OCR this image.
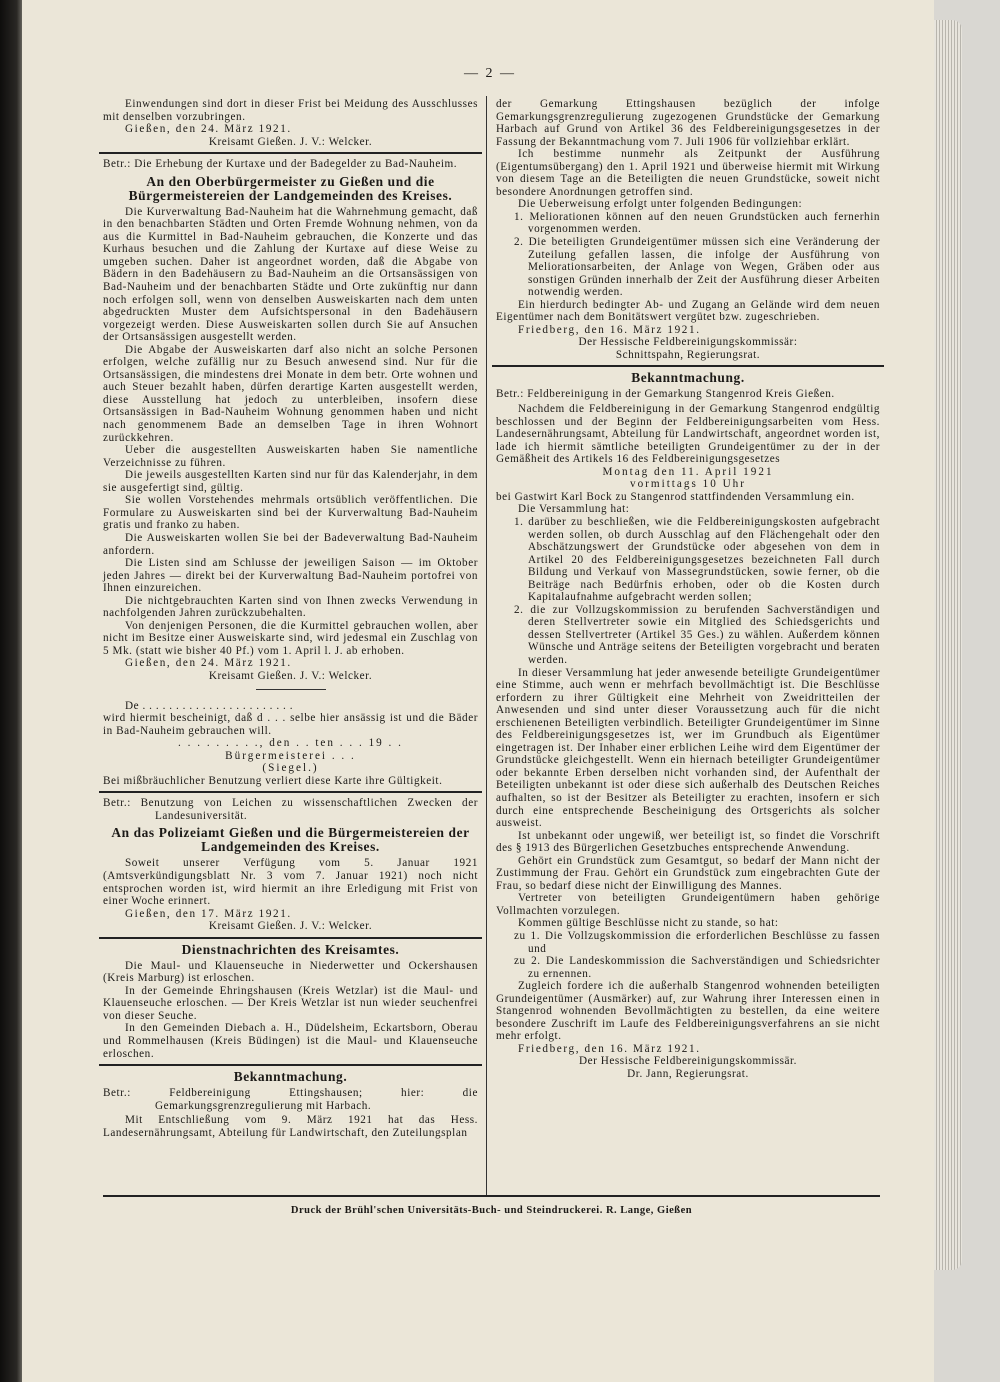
— 2 —
Einwendungen sind dort in dieser Frist bei Meidung des Ausschlusses mit denselben vorzubringen.
Gießen, den 24. März 1921.
Kreisamt Gießen. J. V.: Welcker.
Betr.: Die Erhebung der Kurtaxe und der Badegelder zu Bad-Nauheim.
An den Oberbürgermeister zu Gießen und die Bürgermeistereien der Landgemeinden des Kreises.
Die Kurverwaltung Bad-Nauheim hat die Wahrnehmung gemacht, daß in den benachbarten Städten und Orten Fremde Wohnung nehmen, von da aus die Kurmittel in Bad-Nauheim gebrauchen, die Konzerte und das Kurhaus besuchen und die Zahlung der Kurtaxe auf diese Weise zu umgeben suchen. Daher ist angeordnet worden, daß die Abgabe von Bädern in den Badehäusern zu Bad-Nauheim an die Ortsansässigen von Bad-Nauheim und der benachbarten Städte und Orte zukünftig nur dann noch erfolgen soll, wenn von denselben Ausweiskarten nach dem unten abgedruckten Muster dem Aufsichtspersonal in den Badehäusern vorgezeigt werden. Diese Ausweiskarten sollen durch Sie auf Ansuchen der Ortsansässigen ausgestellt werden.
Die Abgabe der Ausweiskarten darf also nicht an solche Personen erfolgen, welche zufällig nur zu Besuch anwesend sind. Nur für die Ortsansässigen, die mindestens drei Monate in dem betr. Orte wohnen und auch Steuer bezahlt haben, dürfen derartige Karten ausgestellt werden, diese Ausstellung hat jedoch zu unterbleiben, insofern diese Ortsansässigen in Bad-Nauheim Wohnung genommen haben und nicht nach genommenem Bade an demselben Tage in ihren Wohnort zurückkehren.
Ueber die ausgestellten Ausweiskarten haben Sie namentliche Verzeichnisse zu führen.
Die jeweils ausgestellten Karten sind nur für das Kalenderjahr, in dem sie ausgefertigt sind, gültig.
Sie wollen Vorstehendes mehrmals ortsüblich veröffentlichen. Die Formulare zu Ausweiskarten sind bei der Kurverwaltung Bad-Nauheim gratis und franko zu haben.
Die Ausweiskarten wollen Sie bei der Badeverwaltung Bad-Nauheim anfordern.
Die Listen sind am Schlusse der jeweiligen Saison — im Oktober jeden Jahres — direkt bei der Kurverwaltung Bad-Nauheim portofrei von Ihnen einzureichen.
Die nichtgebrauchten Karten sind von Ihnen zwecks Verwendung in nachfolgenden Jahren zurückzubehalten.
Von denjenigen Personen, die die Kurmittel gebrauchen wollen, aber nicht im Besitze einer Ausweiskarte sind, wird jedesmal ein Zuschlag von 5 Mk. (statt wie bisher 40 Pf.) vom 1. April l. J. ab erhoben.
Gießen, den 24. März 1921.
Kreisamt Gießen. J. V.: Welcker.
De . . . . . . . . . . . . . . . . . . . . . . .
wird hiermit bescheinigt, daß d . . . selbe hier ansässig ist und die Bäder in Bad-Nauheim gebrauchen will.
. . . . . . . . ., den . . ten . . . 19 . .
Bürgermeisterei . . .
(Siegel.)
Bei mißbräuchlicher Benutzung verliert diese Karte ihre Gültigkeit.
Betr.: Benutzung von Leichen zu wissenschaftlichen Zwecken der Landesuniversität.
An das Polizeiamt Gießen und die Bürgermeistereien der Landgemeinden des Kreises.
Soweit unserer Verfügung vom 5. Januar 1921 (Amtsverkündigungsblatt Nr. 3 vom 7. Januar 1921) noch nicht entsprochen worden ist, wird hiermit an ihre Erledigung mit Frist von einer Woche erinnert.
Gießen, den 17. März 1921.
Kreisamt Gießen. J. V.: Welcker.
Dienstnachrichten des Kreisamtes.
Die Maul- und Klauenseuche in Niederwetter und Ockershausen (Kreis Marburg) ist erloschen.
In der Gemeinde Ehringshausen (Kreis Wetzlar) ist die Maul- und Klauenseuche erloschen. — Der Kreis Wetzlar ist nun wieder seuchenfrei von dieser Seuche.
In den Gemeinden Diebach a. H., Düdelsheim, Eckartsborn, Oberau und Rommelhausen (Kreis Büdingen) ist die Maul- und Klauenseuche erloschen.
Bekanntmachung.
Betr.: Feldbereinigung Ettingshausen; hier: die Gemarkungsgrenzregulierung mit Harbach.
Mit Entschließung vom 9. März 1921 hat das Hess. Landesernährungsamt, Abteilung für Landwirtschaft, den Zuteilungsplan
der Gemarkung Ettingshausen bezüglich der infolge Gemarkungsgrenzregulierung zugezogenen Grundstücke der Gemarkung Harbach auf Grund von Artikel 36 des Feldbereinigungsgesetzes in der Fassung der Bekanntmachung vom 7. Juli 1906 für vollziehbar erklärt.
Ich bestimme nunmehr als Zeitpunkt der Ausführung (Eigentumsübergang) den 1. April 1921 und überweise hiermit mit Wirkung von diesem Tage an die Beteiligten die neuen Grundstücke, soweit nicht besondere Anordnungen getroffen sind.
Die Ueberweisung erfolgt unter folgenden Bedingungen:
1. Meliorationen können auf den neuen Grundstücken auch fernerhin vorgenommen werden.
2. Die beteiligten Grundeigentümer müssen sich eine Veränderung der Zuteilung gefallen lassen, die infolge der Ausführung von Meliorationsarbeiten, der Anlage von Wegen, Gräben oder aus sonstigen Gründen innerhalb der Zeit der Ausführung dieser Arbeiten notwendig werden.
Ein hierdurch bedingter Ab- und Zugang an Gelände wird dem neuen Eigentümer nach dem Bonitätswert vergütet bzw. zugeschrieben.
Friedberg, den 16. März 1921.
Der Hessische Feldbereinigungskommissär:
Schnittspahn, Regierungsrat.
Bekanntmachung.
Betr.: Feldbereinigung in der Gemarkung Stangenrod Kreis Gießen.
Nachdem die Feldbereinigung in der Gemarkung Stangenrod endgültig beschlossen und der Beginn der Feldbereinigungsarbeiten vom Hess. Landesernährungsamt, Abteilung für Landwirtschaft, angeordnet worden ist, lade ich hiermit sämtliche beteiligten Grundeigentümer zu der in der Gemäßheit des Artikels 16 des Feldbereinigungsgesetzes
Montag den 11. April 1921
vormittags 10 Uhr
bei Gastwirt Karl Bock zu Stangenrod stattfindenden Versammlung ein.
Die Versammlung hat:
1. darüber zu beschließen, wie die Feldbereinigungskosten aufgebracht werden sollen, ob durch Ausschlag auf den Flächengehalt oder den Abschätzungswert der Grundstücke oder abgesehen von dem in Artikel 20 des Feldbereinigungsgesetzes bezeichneten Fall durch Bildung und Verkauf von Massegrundstücken, sowie ferner, ob die Beiträge nach Bedürfnis erhoben, oder ob die Kosten durch Kapitalaufnahme aufgebracht werden sollen;
2. die zur Vollzugskommission zu berufenden Sachverständigen und deren Stellvertreter sowie ein Mitglied des Schiedsgerichts und dessen Stellvertreter (Artikel 35 Ges.) zu wählen. Außerdem können Wünsche und Anträge seitens der Beteiligten vorgebracht und beraten werden.
In dieser Versammlung hat jeder anwesende beteiligte Grundeigentümer eine Stimme, auch wenn er mehrfach bevollmächtigt ist. Die Beschlüsse erfordern zu ihrer Gültigkeit eine Mehrheit von Zweidritteilen der Anwesenden und sind unter dieser Voraussetzung auch für die nicht erschienenen Beteiligten verbindlich. Beteiligter Grundeigentümer im Sinne des Feldbereinigungsgesetzes ist, wer im Grundbuch als Eigentümer eingetragen ist. Der Inhaber einer erblichen Leihe wird dem Eigentümer der Grundstücke gleichgestellt. Wenn ein hiernach beteiligter Grundeigentümer oder bekannte Erben derselben nicht vorhanden sind, der Aufenthalt der Beteiligten unbekannt ist oder diese sich außerhalb des Deutschen Reiches aufhalten, so ist der Besitzer als Beteiligter zu erachten, insofern er sich durch eine entsprechende Bescheinigung des Ortsgerichts als solcher ausweist.
Ist unbekannt oder ungewiß, wer beteiligt ist, so findet die Vorschrift des § 1913 des Bürgerlichen Gesetzbuches entsprechende Anwendung.
Gehört ein Grundstück zum Gesamtgut, so bedarf der Mann nicht der Zustimmung der Frau. Gehört ein Grundstück zum eingebrachten Gute der Frau, so bedarf diese nicht der Einwilligung des Mannes.
Vertreter von beteiligten Grundeigentümern haben gehörige Vollmachten vorzulegen.
Kommen gültige Beschlüsse nicht zu stande, so hat:
zu 1. Die Vollzugskommission die erforderlichen Beschlüsse zu fassen und
zu 2. Die Landeskommission die Sachverständigen und Schiedsrichter zu ernennen.
Zugleich fordere ich die außerhalb Stangenrod wohnenden beteiligten Grundeigentümer (Ausmärker) auf, zur Wahrung ihrer Interessen einen in Stangenrod wohnenden Bevollmächtigten zu bestellen, da eine weitere besondere Zuschrift im Laufe des Feldbereinigungsverfahrens an sie nicht mehr erfolgt.
Friedberg, den 16. März 1921.
Der Hessische Feldbereinigungskommissär.
Dr. Jann, Regierungsrat.
Druck der Brühl'schen Universitäts-Buch- und Steindruckerei. R. Lange, Gießen
